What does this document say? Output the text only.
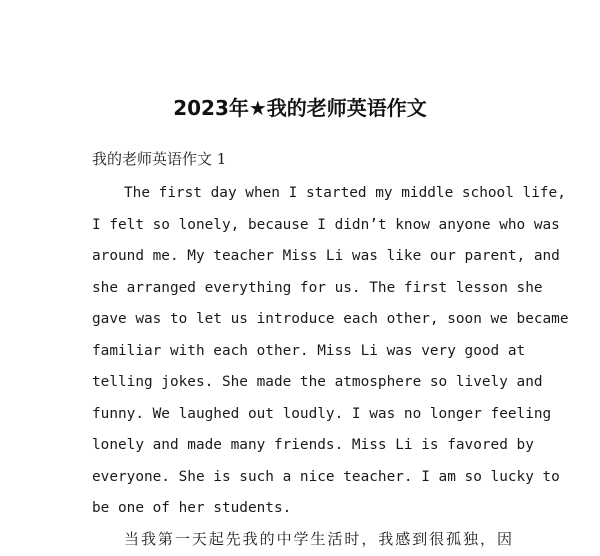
2023年★我的老师英语作文

我的老师英语作文 1

The first day when I started my middle school life,
I felt so lonely, because I didn’t know anyone who was
around me. My teacher Miss Li was like our parent, and
she arranged everything for us. The first lesson she
gave was to let us introduce each other, soon we became
familiar with each other. Miss Li was very good at
telling jokes. She made the atmosphere so lively and
funny. We laughed out loudly. I was no longer feeling
lonely and made many friends. Miss Li is favored by
everyone. She is such a nice teacher. I am so lucky to
be one of her students.
当我第一天起先我的中学生活时，我感到很孤独，因
